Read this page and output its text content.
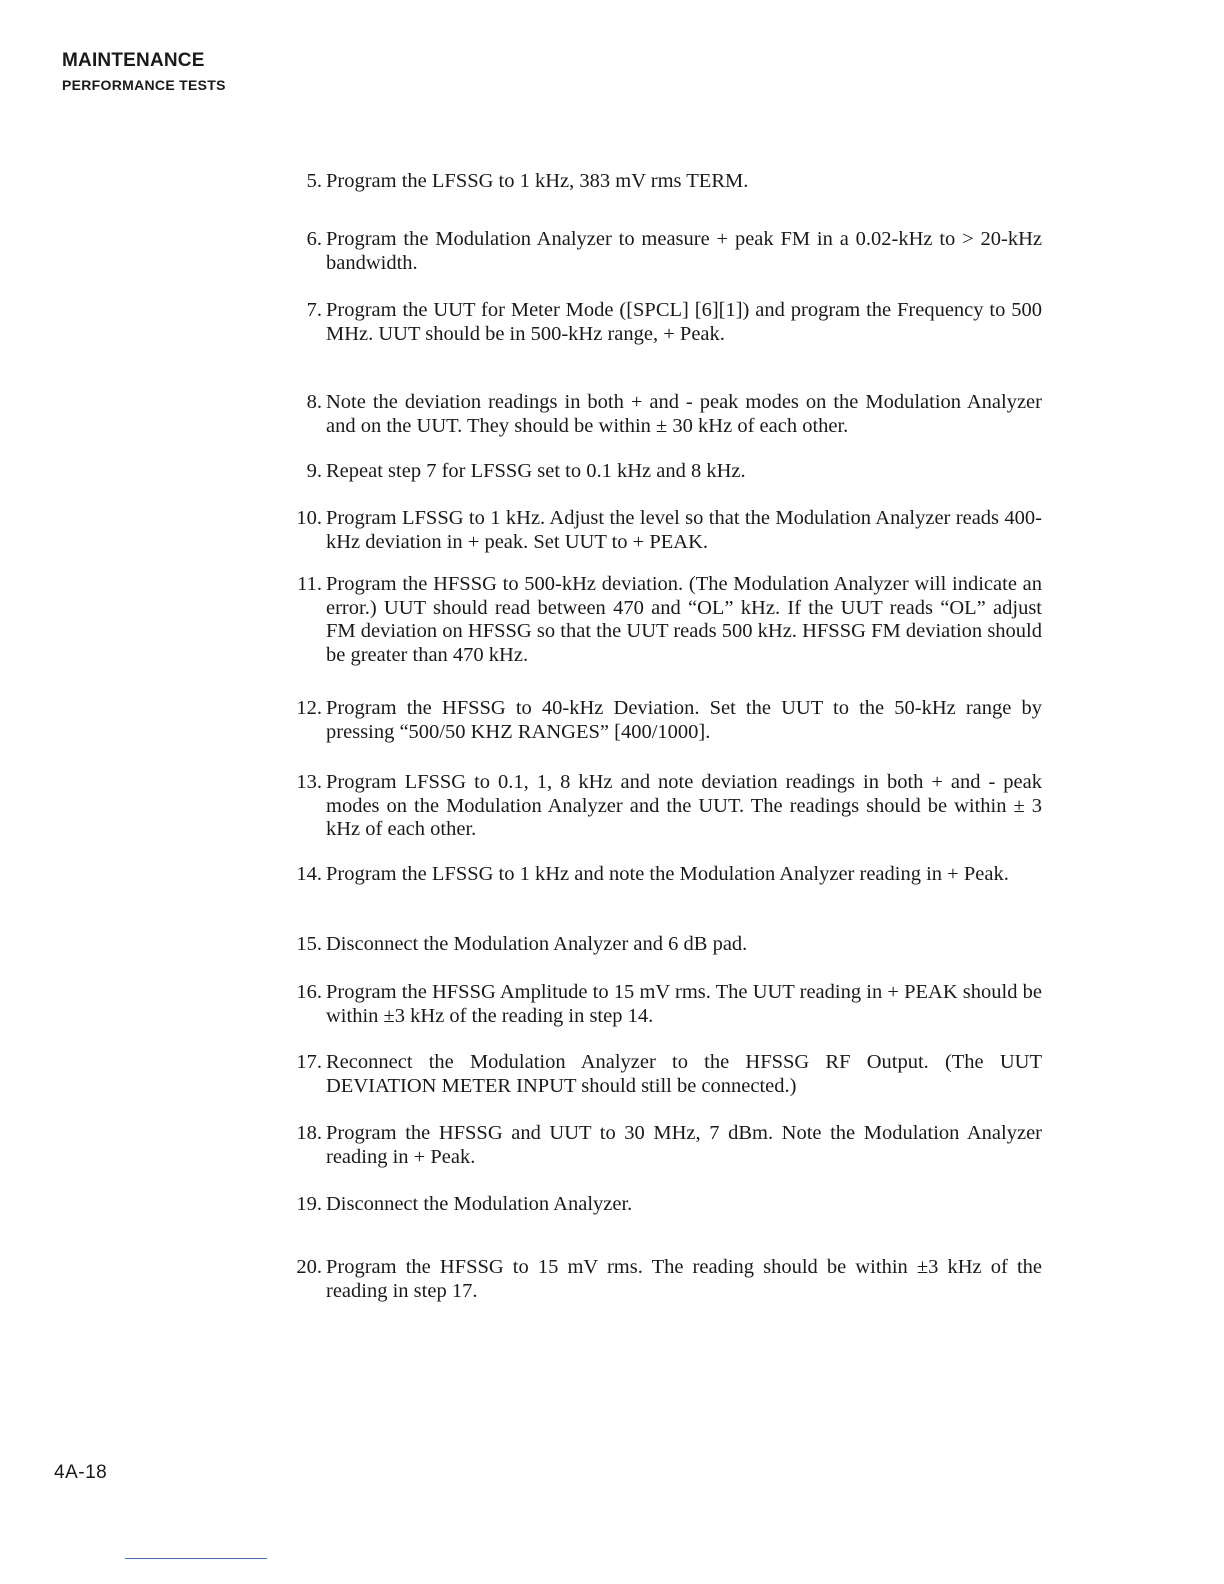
MAINTENANCE
PERFORMANCE TESTS
5. Program the LFSSG to 1 kHz, 383 mV rms TERM.
6. Program the Modulation Analyzer to measure + peak FM in a 0.02-kHz to > 20-kHz bandwidth.
7. Program the UUT for Meter Mode ([SPCL] [6][1]) and program the Frequency to 500 MHz. UUT should be in 500-kHz range, + Peak.
8. Note the deviation readings in both + and - peak modes on the Modulation Analyzer and on the UUT. They should be within ± 30 kHz of each other.
9. Repeat step 7 for LFSSG set to 0.1 kHz and 8 kHz.
10. Program LFSSG to 1 kHz. Adjust the level so that the Modulation Analyzer reads 400-kHz deviation in + peak. Set UUT to + PEAK.
11. Program the HFSSG to 500-kHz deviation. (The Modulation Analyzer will indicate an error.) UUT should read between 470 and “OL” kHz. If the UUT reads “OL” adjust FM deviation on HFSSG so that the UUT reads 500 kHz. HFSSG FM deviation should be greater than 470 kHz.
12. Program the HFSSG to 40-kHz Deviation. Set the UUT to the 50-kHz range by pressing “500/50 KHZ RANGES” [400/1000].
13. Program LFSSG to 0.1, 1, 8 kHz and note deviation readings in both + and - peak modes on the Modulation Analyzer and the UUT. The readings should be within ± 3 kHz of each other.
14. Program the LFSSG to 1 kHz and note the Modulation Analyzer reading in + Peak.
15. Disconnect the Modulation Analyzer and 6 dB pad.
16. Program the HFSSG Amplitude to 15 mV rms. The UUT reading in + PEAK should be within ±3 kHz of the reading in step 14.
17. Reconnect the Modulation Analyzer to the HFSSG RF Output. (The UUT DEVIATION METER INPUT should still be connected.)
18. Program the HFSSG and UUT to 30 MHz, 7 dBm. Note the Modulation Analyzer reading in + Peak.
19. Disconnect the Modulation Analyzer.
20. Program the HFSSG to 15 mV rms. The reading should be within ±3 kHz of the reading in step 17.
4A-18
